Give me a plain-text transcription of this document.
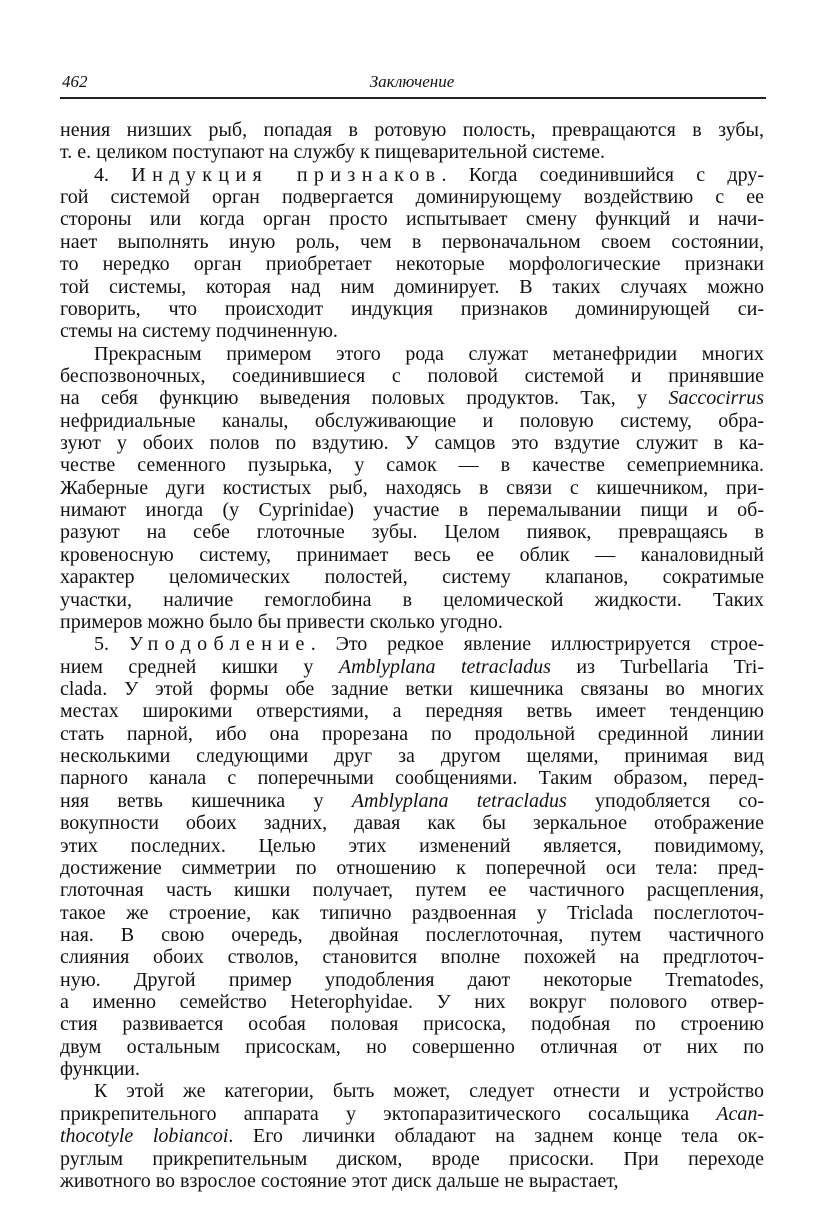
462	Заключение
нения низших рыб, попадая в ротовую полость, превращаются в зубы,
т. е. целиком поступают на службу к пищеварительной системе.
4. Индукция признаков. Когда соединившийся с дру-
гой системой орган подвергается доминирующему воздействию с ее
стороны или когда орган просто испытывает смену функций и начи-
нает выполнять иную роль, чем в первоначальном своем состоянии,
то нередко орган приобретает некоторые морфологические признаки
той системы, которая над ним доминирует. В таких случаях можно
говорить, что происходит индукция признаков доминирующей си-
стемы на систему подчиненную.
Прекрасным примером этого рода служат метанефридии многих
беспозвоночных, соединившиеся с половой системой и принявшие
на себя функцию выведения половых продуктов. Так, у Saccocirrus
нефридиальные каналы, обслуживающие и половую систему, обра-
зуют у обоих полов по вздутию. У самцов это вздутие служит в ка-
честве семенного пузырька, у самок — в качестве семеприемника.
Жаберные дуги костистых рыб, находясь в связи с кишечником, при-
нимают иногда (у Cyprinidae) участие в перемалывании пищи и об-
разуют на себе глоточные зубы. Целом пиявок, превращаясь в
кровеносную систему, принимает весь ее облик — каналовидный
характер целомических полостей, систему клапанов, сократимые
участки, наличие гемоглобина в целомической жидкости. Таких
примеров можно было бы привести сколько угодно.
5. Уподобление. Это редкое явление иллюстрируется строе-
нием средней кишки у Amblyplana tetracladus из Turbellaria Tri-
clada. У этой формы обе задние ветки кишечника связаны во многих
местах широкими отверстиями, а передняя ветвь имеет тенденцию
стать парной, ибо она прорезана по продольной срединной линии
несколькими следующими друг за другом щелями, принимая вид
парного канала с поперечными сообщениями. Таким образом, перед-
няя ветвь кишечника у Amblyplana tetracladus уподобляется со-
вокупности обоих задних, давая как бы зеркальное отображение
этих последних. Целью этих изменений является, повидимому,
достижение симметрии по отношению к поперечной оси тела: пред-
глоточная часть кишки получает, путем ее частичного расщепления,
такое же строение, как типично раздвоенная у Triclada послеглоточ-
ная. В свою очередь, двойная послеглоточная, путем частичного
слияния обоих стволов, становится вполне похожей на предглоточ-
ную. Другой пример уподобления дают некоторые Trematodes,
а именно семейство Heterophyidae. У них вокруг полового отвер-
стия развивается особая половая присоска, подобная по строению
двум остальным присоскам, но совершенно отличная от них по
функции.
К этой же категории, быть может, следует отнести и устройство
прикрепительного аппарата у эктопаразитического сосальщика Acan-
thocotyle lobiancoi. Его личинки обладают на заднем конце тела ок-
руглым прикрепительным диском, вроде присоски. При переходе
животного во взрослое состояние этот диск дальше не вырастает,
